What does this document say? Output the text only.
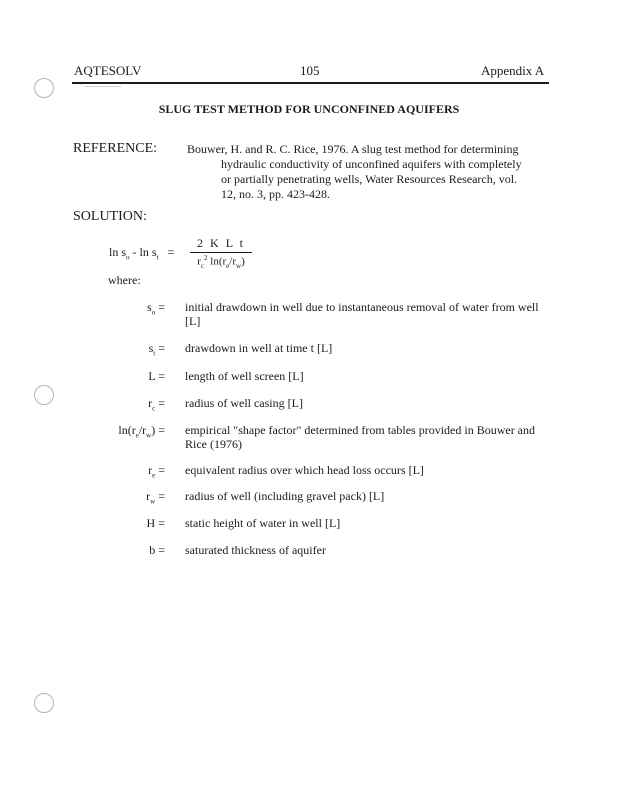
AQTESOLV	105	Appendix A
SLUG TEST METHOD FOR UNCONFINED AQUIFERS
REFERENCE: Bouwer, H. and R. C. Rice, 1976. A slug test method for determining
hydraulic conductivity of unconfined aquifers with completely
or partially penetrating wells, Water Resources Research, vol.
12, no. 3, pp. 423-428.
SOLUTION:
$\ln s_o - \ln s_t = \frac{\text{2 K L t}}{r_c^2 \ln(r_e/r_w)}$
where:
$s_o$ = initial drawdown in well due to instantaneous removal of water from well [L]
$s_t$ = drawdown in well at time t [L]
L = length of well screen [L]
$r_c$ = radius of well casing [L]
$\ln(r_e/r_w)$ = empirical "shape factor" determined from tables provided in Bouwer and Rice (1976)
$r_e$ = equivalent radius over which head loss occurs [L]
$r_w$ = radius of well (including gravel pack) [L]
H = static height of water in well [L]
b = saturated thickness of aquifer
